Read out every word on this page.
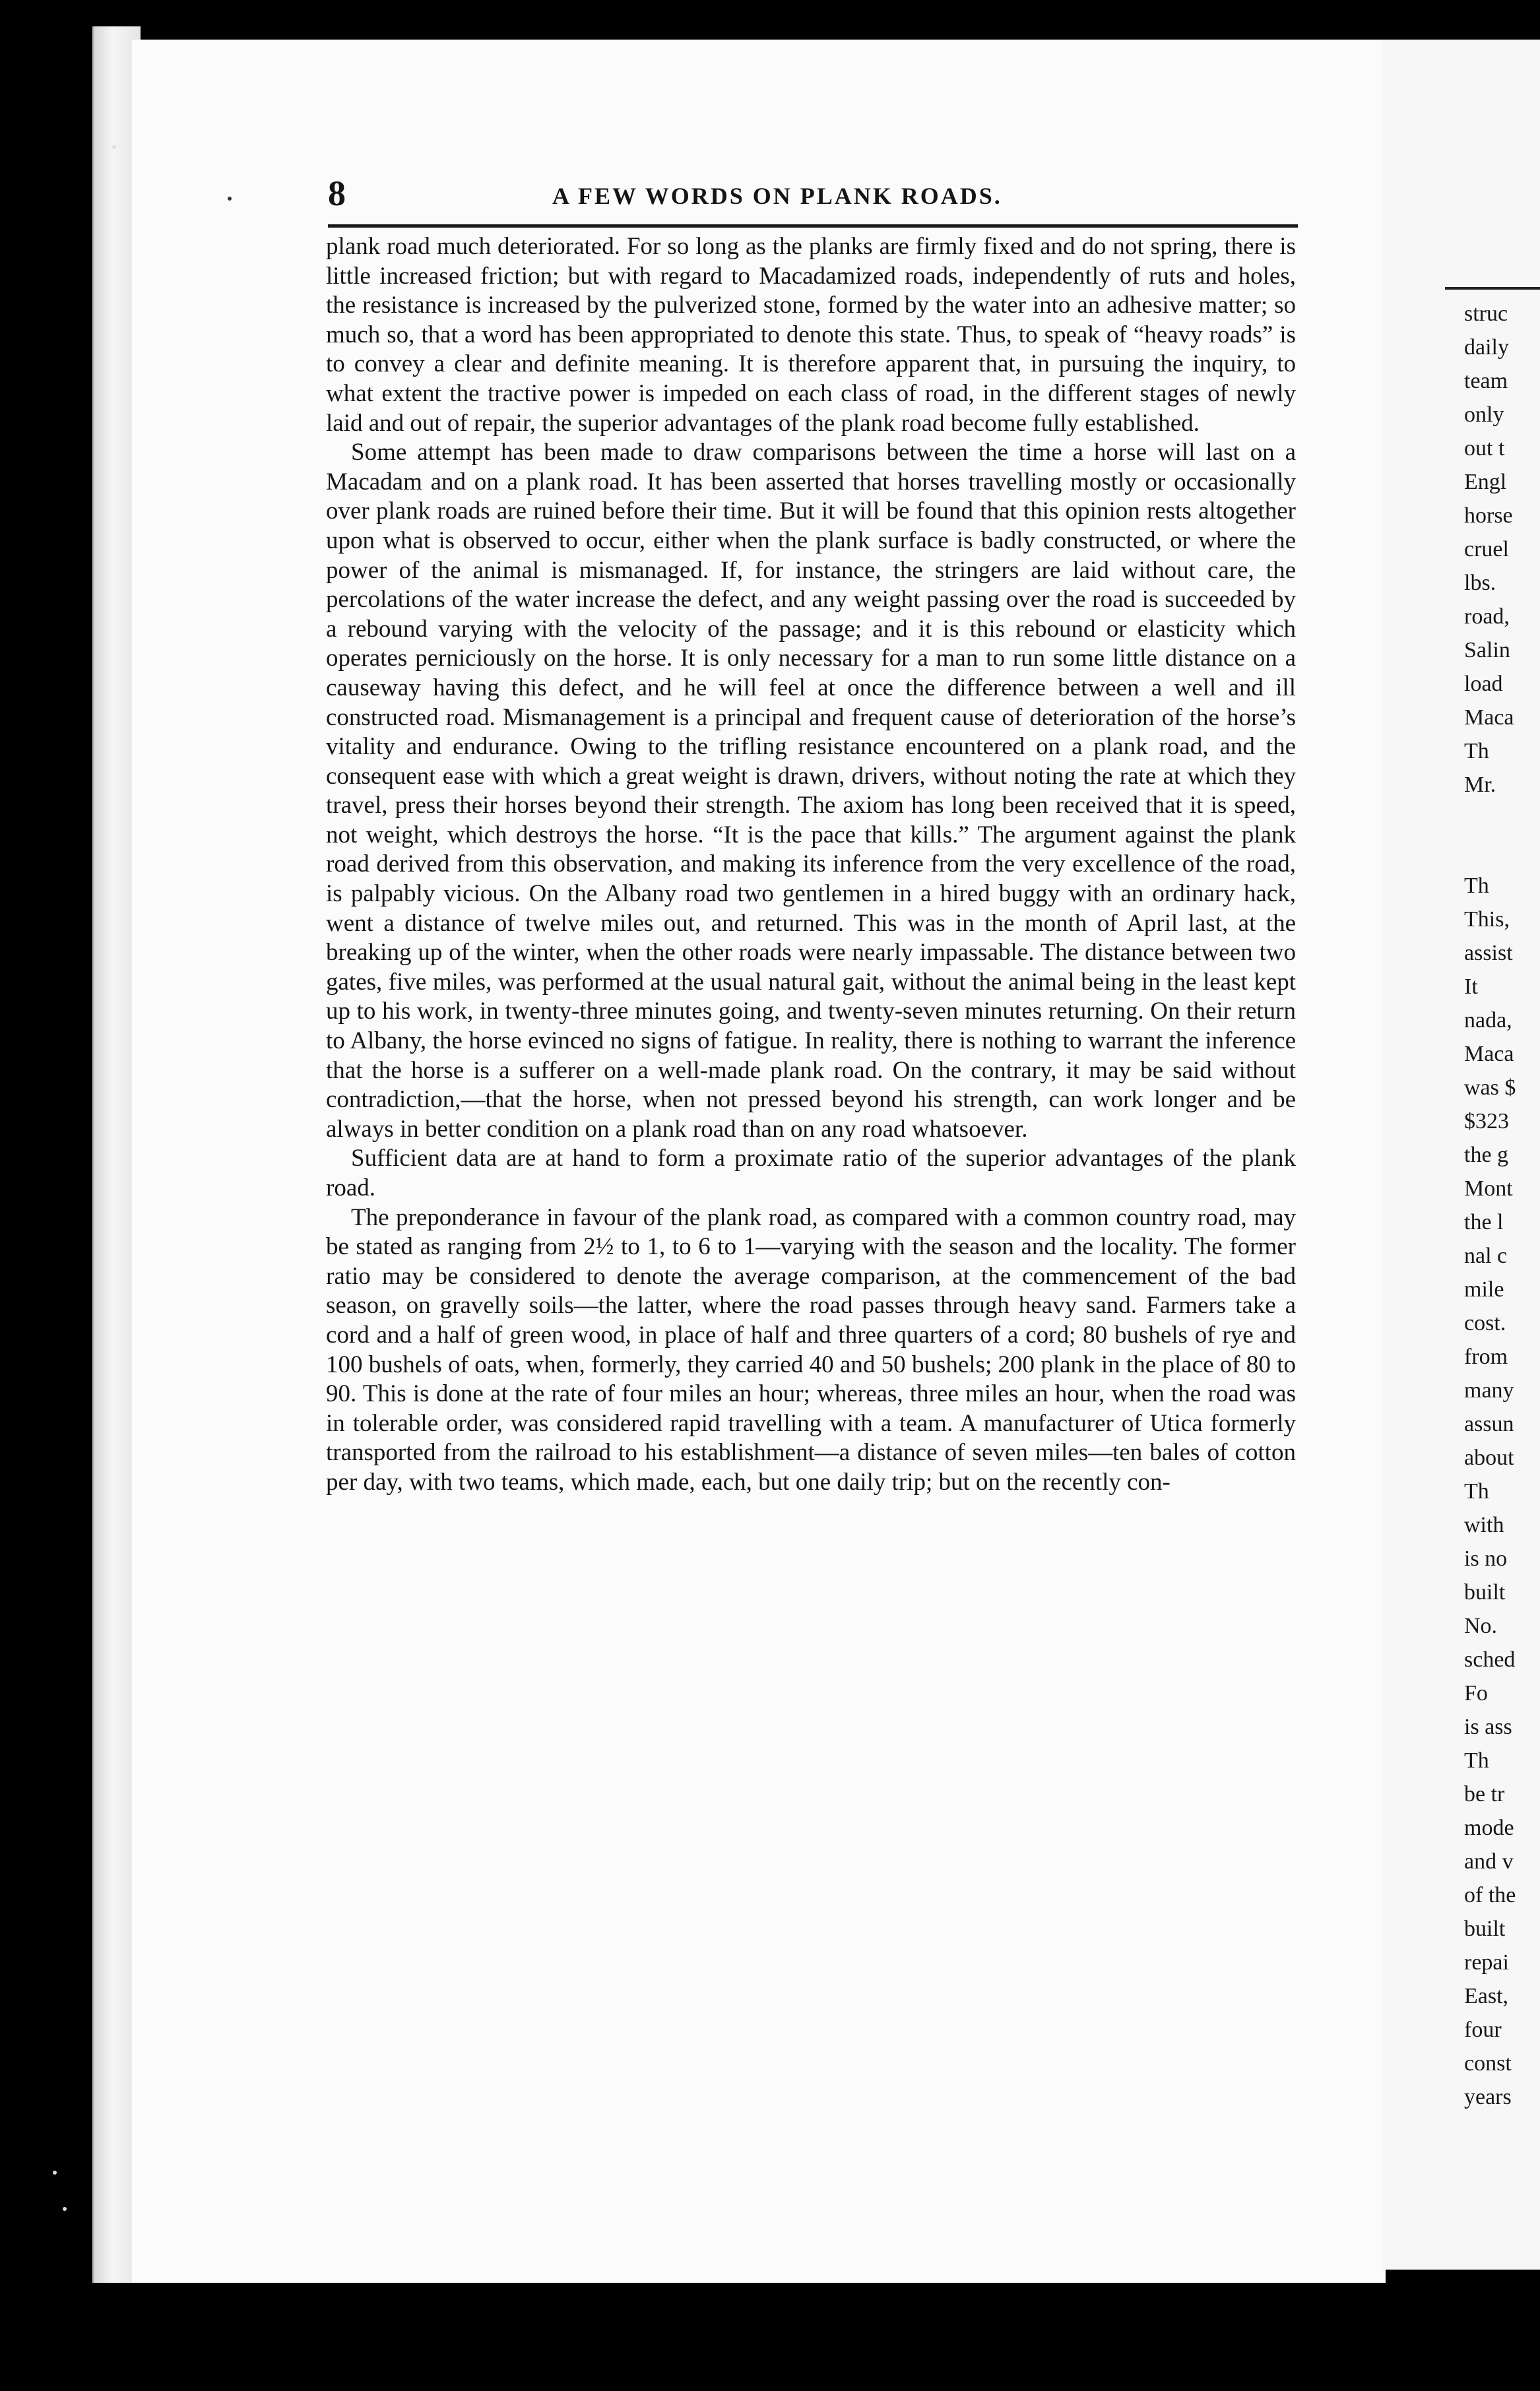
struc
daily
team
only
out t
Engl
horse
cruel
lbs.
road,
Salin
load
Maca
Th
Mr.
Th
This,
assist
It
nada,
Maca
was $
$323
the g
Mont
the l
nal c
mile
cost.
from
many
assun
about
Th
with
is no
built
No.
sched
Fo
is ass
Th
be tr
mode
and v
of the
built
repai
East,
four
const
years
8	A FEW WORDS ON PLANK ROADS.

plank road much deteriorated. For so long as the planks are firmly fixed and do not spring, there is little increased friction; but with regard to Macadamized roads, independently of ruts and holes, the resistance is increased by the pulverized stone, formed by the water into an adhesive matter; so much so, that a word has been appropriated to denote this state. Thus, to speak of “heavy roads” is to convey a clear and definite meaning. It is therefore apparent that, in pursuing the inquiry, to what extent the tractive power is impeded on each class of road, in the different stages of newly laid and out of repair, the superior advantages of the plank road become fully established.

Some attempt has been made to draw comparisons between the time a horse will last on a Macadam and on a plank road. It has been asserted that horses travelling mostly or occasionally over plank roads are ruined before their time. But it will be found that this opinion rests altogether upon what is observed to occur, either when the plank surface is badly constructed, or where the power of the animal is mismanaged. If, for instance, the stringers are laid without care, the percolations of the water increase the defect, and any weight passing over the road is succeeded by a rebound varying with the velocity of the passage; and it is this rebound or elasticity which operates perniciously on the horse. It is only necessary for a man to run some little distance on a causeway having this defect, and he will feel at once the difference between a well and ill constructed road. Mismanagement is a principal and frequent cause of deterioration of the horse’s vitality and endurance. Owing to the trifling resistance encountered on a plank road, and the consequent ease with which a great weight is drawn, drivers, without noting the rate at which they travel, press their horses beyond their strength. The axiom has long been received that it is speed, not weight, which destroys the horse. “It is the pace that kills.” The argument against the plank road derived from this observation, and making its inference from the very excellence of the road, is palpably vicious. On the Albany road two gentlemen in a hired buggy with an ordinary hack, went a distance of twelve miles out, and returned. This was in the month of April last, at the breaking up of the winter, when the other roads were nearly impassable. The distance between two gates, five miles, was performed at the usual natural gait, without the animal being in the least kept up to his work, in twenty-three minutes going, and twenty-seven minutes returning. On their return to Albany, the horse evinced no signs of fatigue. In reality, there is nothing to warrant the inference that the horse is a sufferer on a well-made plank road. On the contrary, it may be said without contradiction,—that the horse, when not pressed beyond his strength, can work longer and be always in better condition on a plank road than on any road whatsoever.

Sufficient data are at hand to form a proximate ratio of the superior advantages of the plank road.

The preponderance in favour of the plank road, as compared with a common country road, may be stated as ranging from 2½ to 1, to 6 to 1—varying with the season and the locality. The former ratio may be considered to denote the average comparison, at the commencement of the bad season, on gravelly soils—the latter, where the road passes through heavy sand. Farmers take a cord and a half of green wood, in place of half and three quarters of a cord; 80 bushels of rye and 100 bushels of oats, when, formerly, they carried 40 and 50 bushels; 200 plank in the place of 80 to 90. This is done at the rate of four miles an hour; whereas, three miles an hour, when the road was in tolerable order, was considered rapid travelling with a team. A manufacturer of Utica formerly transported from the railroad to his establishment—a distance of seven miles—ten bales of cotton per day, with two teams, which made, each, but one daily trip; but on the recently con-
